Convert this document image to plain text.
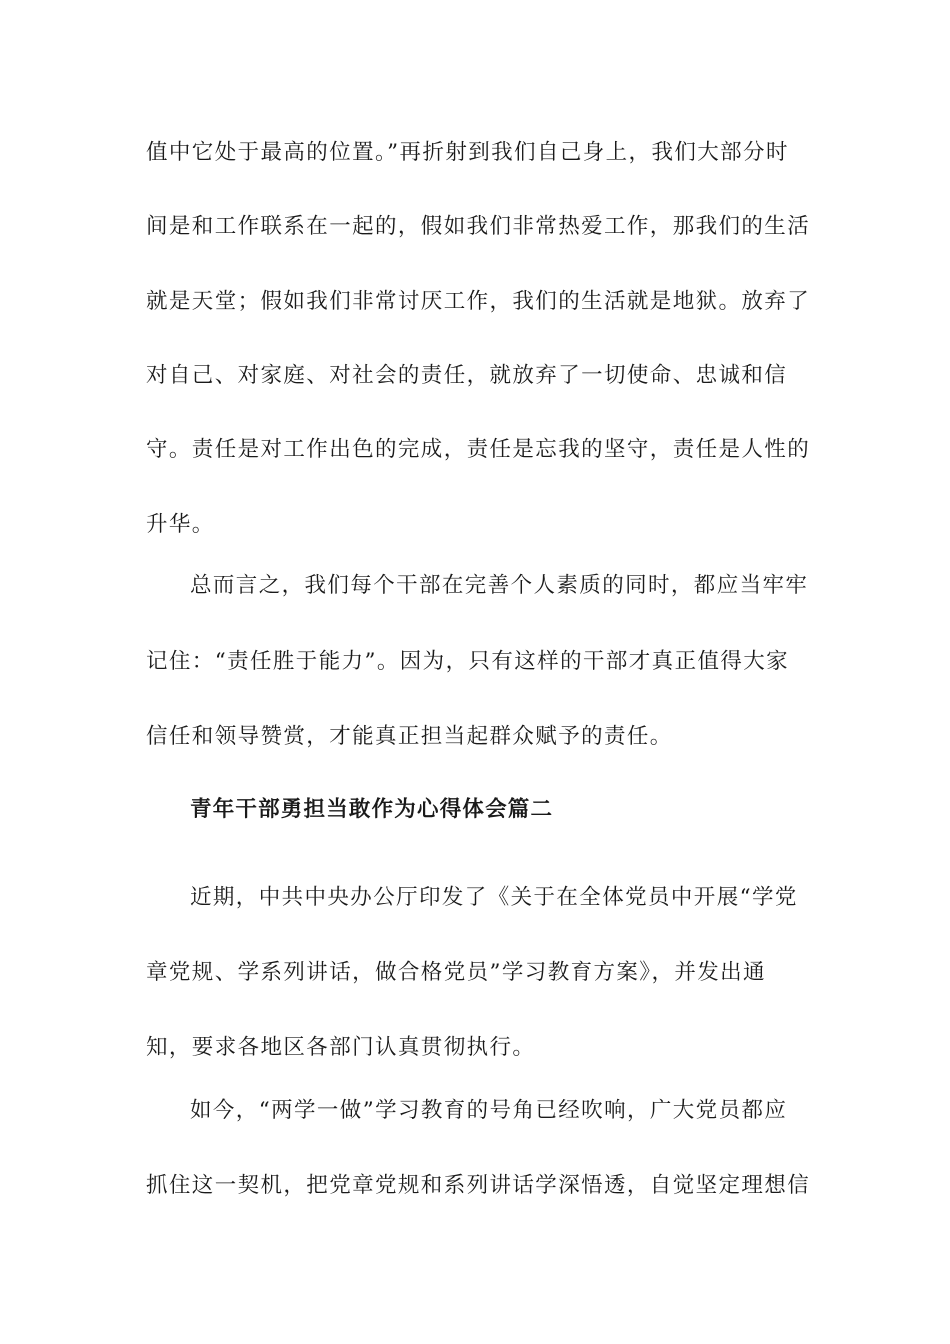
值中它处于最高的位置。”再折射到我们自己身上，我们大部分时
间是和工作联系在一起的，假如我们非常热爱工作，那我们的生活
就是天堂；假如我们非常讨厌工作，我们的生活就是地狱。放弃了
对自己、对家庭、对社会的责任，就放弃了一切使命、忠诚和信
守。责任是对工作出色的完成，责任是忘我的坚守，责任是人性的
升华。
总而言之，我们每个干部在完善个人素质的同时，都应当牢牢
记住：“责任胜于能力”。因为，只有这样的干部才真正值得大家
信任和领导赞赏，才能真正担当起群众赋予的责任。
青年干部勇担当敢作为心得体会篇二
近期，中共中央办公厅印发了《关于在全体党员中开展“学党
章党规、学系列讲话，做合格党员”学习教育方案》，并发出通
知，要求各地区各部门认真贯彻执行。
如今，“两学一做”学习教育的号角已经吹响，广大党员都应
抓住这一契机，把党章党规和系列讲话学深悟透，自觉坚定理想信
